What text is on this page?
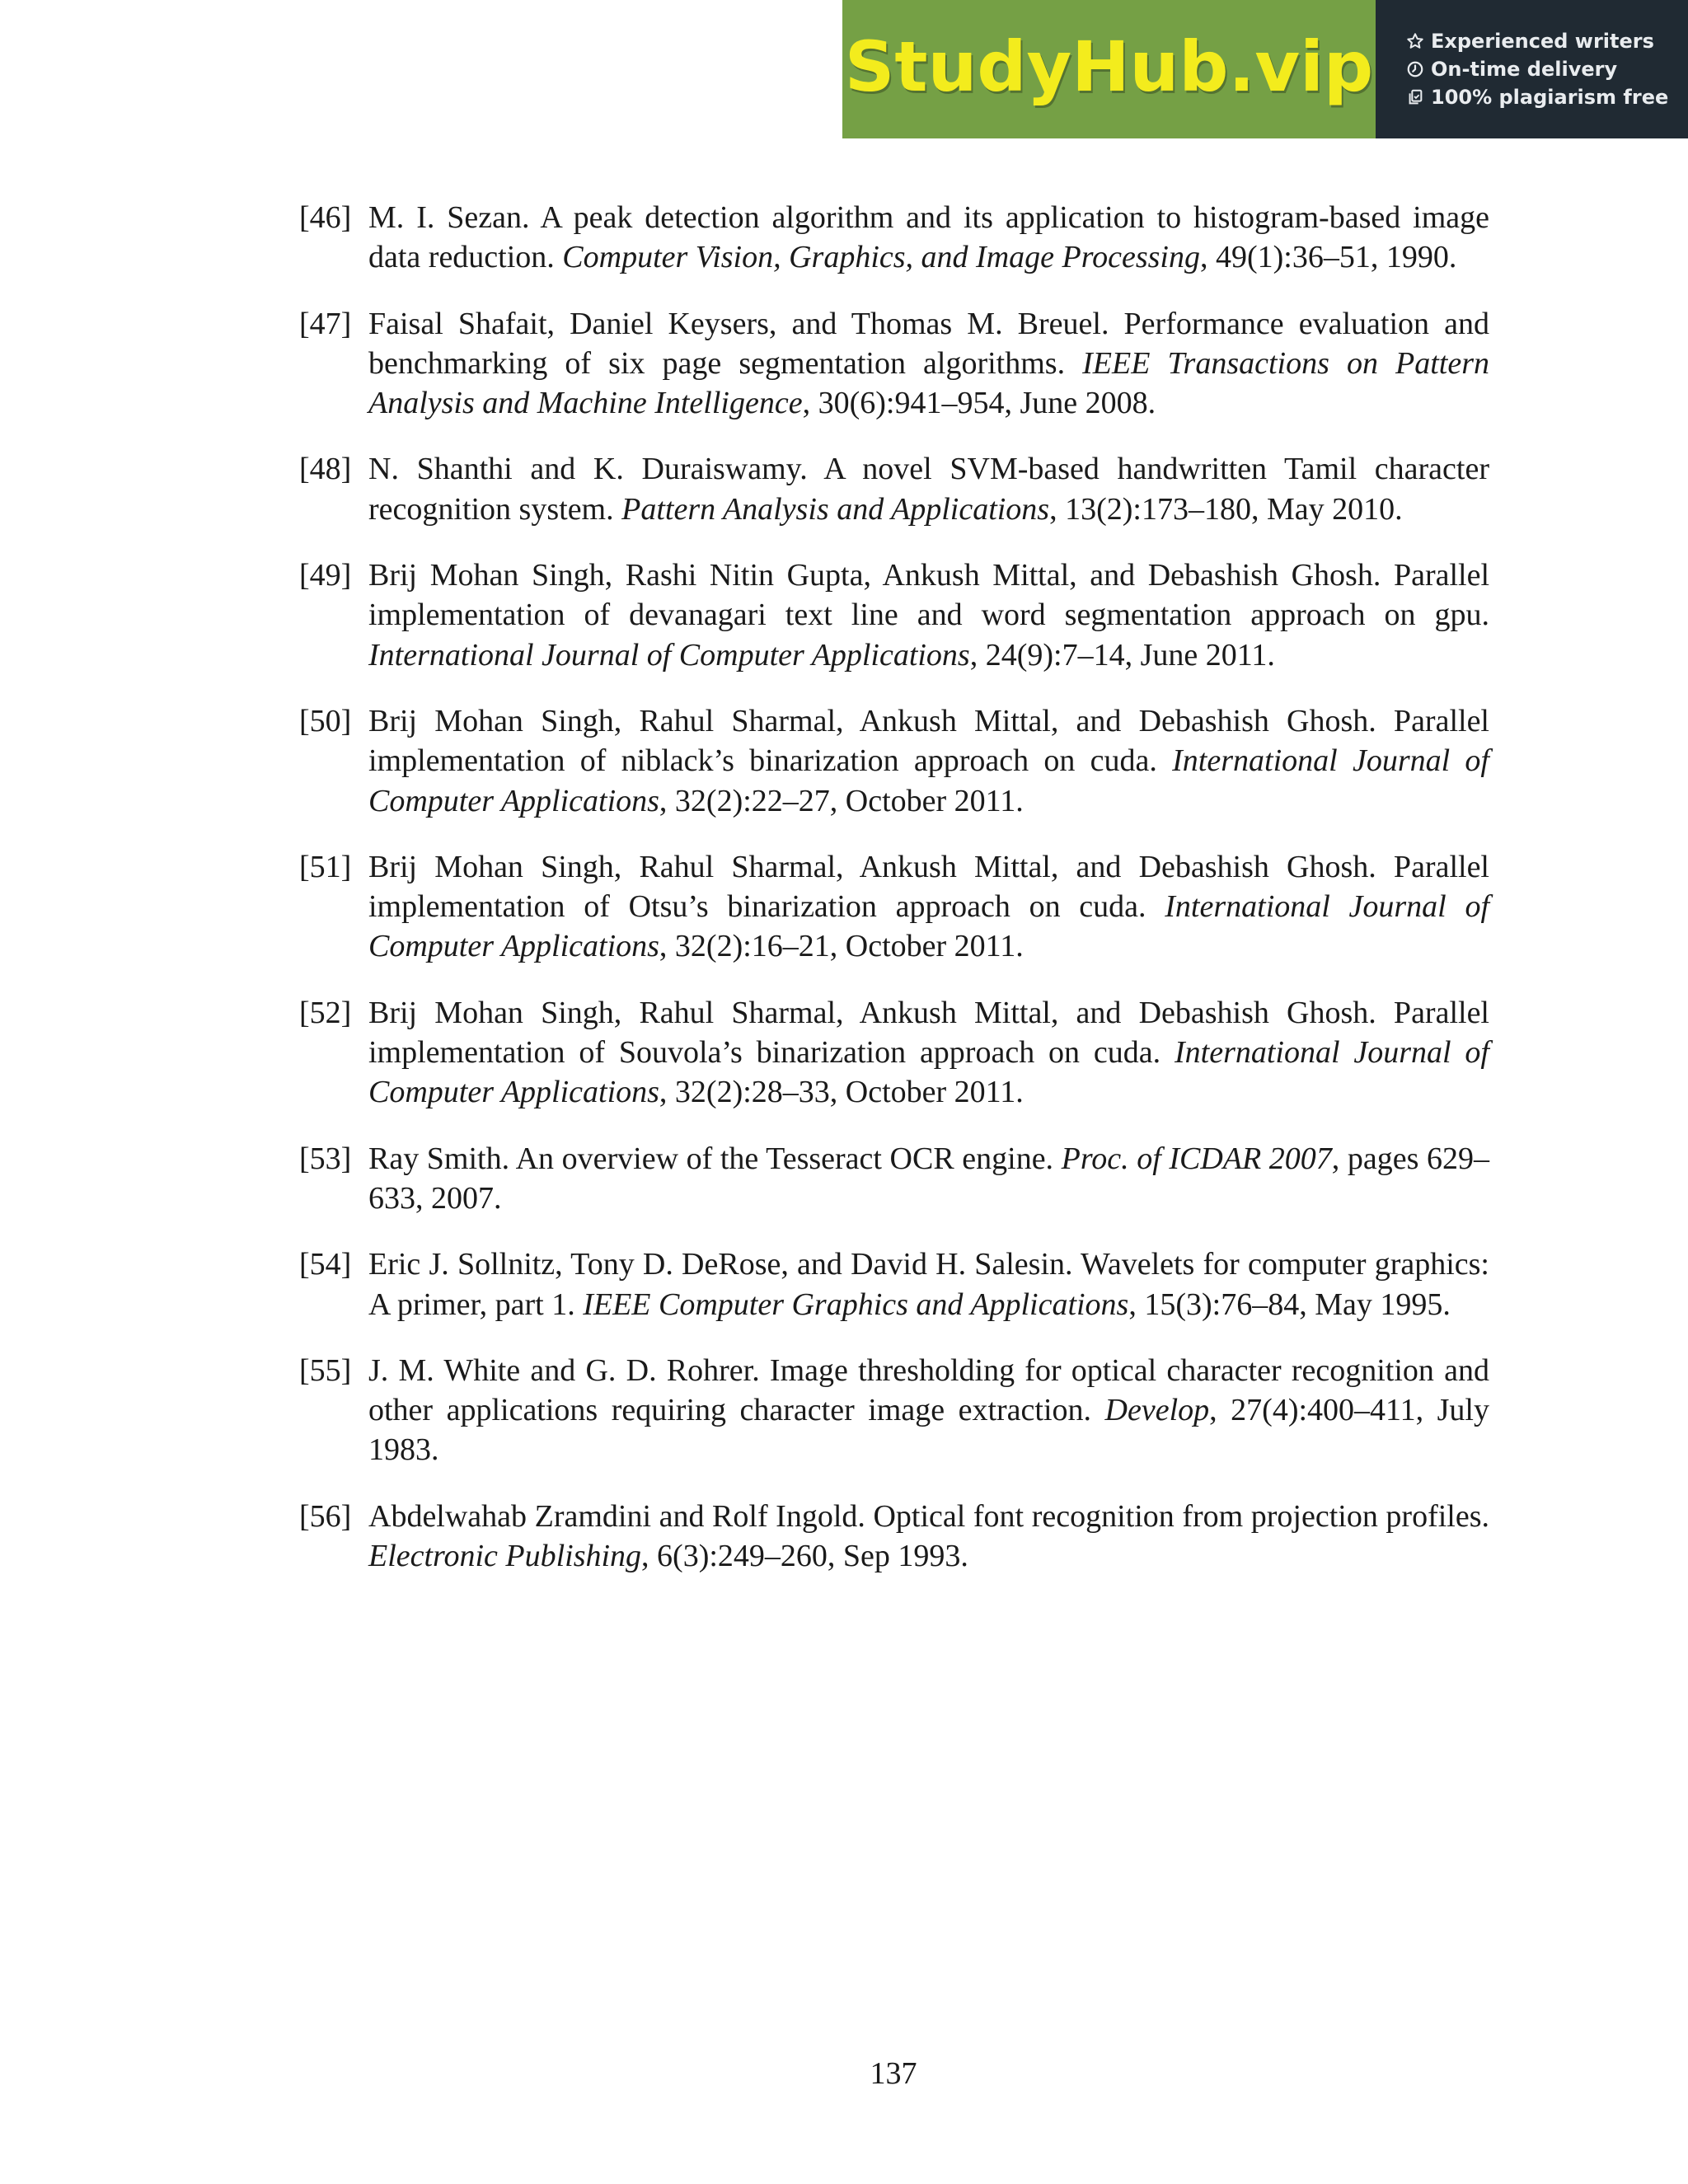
StudyHub.vip	Experienced writers
On-time delivery
100% plagiarism free
[46] M. I. Sezan. A peak detection algorithm and its application to histogram-based image data reduction. Computer Vision, Graphics, and Image Processing, 49(1):36–51, 1990.
[47] Faisal Shafait, Daniel Keysers, and Thomas M. Breuel. Performance evaluation and benchmarking of six page segmentation algorithms. IEEE Transactions on Pattern Analysis and Machine Intelligence, 30(6):941–954, June 2008.
[48] N. Shanthi and K. Duraiswamy. A novel SVM-based handwritten Tamil character recognition system. Pattern Analysis and Applications, 13(2):173–180, May 2010.
[49] Brij Mohan Singh, Rashi Nitin Gupta, Ankush Mittal, and Debashish Ghosh. Parallel implementation of devanagari text line and word segmentation approach on gpu. International Journal of Computer Applications, 24(9):7–14, June 2011.
[50] Brij Mohan Singh, Rahul Sharmal, Ankush Mittal, and Debashish Ghosh. Parallel implementation of niblack’s binarization approach on cuda. International Journal of Computer Applications, 32(2):22–27, October 2011.
[51] Brij Mohan Singh, Rahul Sharmal, Ankush Mittal, and Debashish Ghosh. Parallel implementation of Otsu’s binarization approach on cuda. International Journal of Computer Applications, 32(2):16–21, October 2011.
[52] Brij Mohan Singh, Rahul Sharmal, Ankush Mittal, and Debashish Ghosh. Parallel implementation of Souvola’s binarization approach on cuda. International Journal of Computer Applications, 32(2):28–33, October 2011.
[53] Ray Smith. An overview of the Tesseract OCR engine. Proc. of ICDAR 2007, pages 629–633, 2007.
[54] Eric J. Sollnitz, Tony D. DeRose, and David H. Salesin. Wavelets for computer graphics: A primer, part 1. IEEE Computer Graphics and Applications, 15(3):76–84, May 1995.
[55] J. M. White and G. D. Rohrer. Image thresholding for optical character recognition and other applications requiring character image extraction. Develop, 27(4):400–411, July 1983.
[56] Abdelwahab Zramdini and Rolf Ingold. Optical font recognition from projection profiles. Electronic Publishing, 6(3):249–260, Sep 1993.
137
